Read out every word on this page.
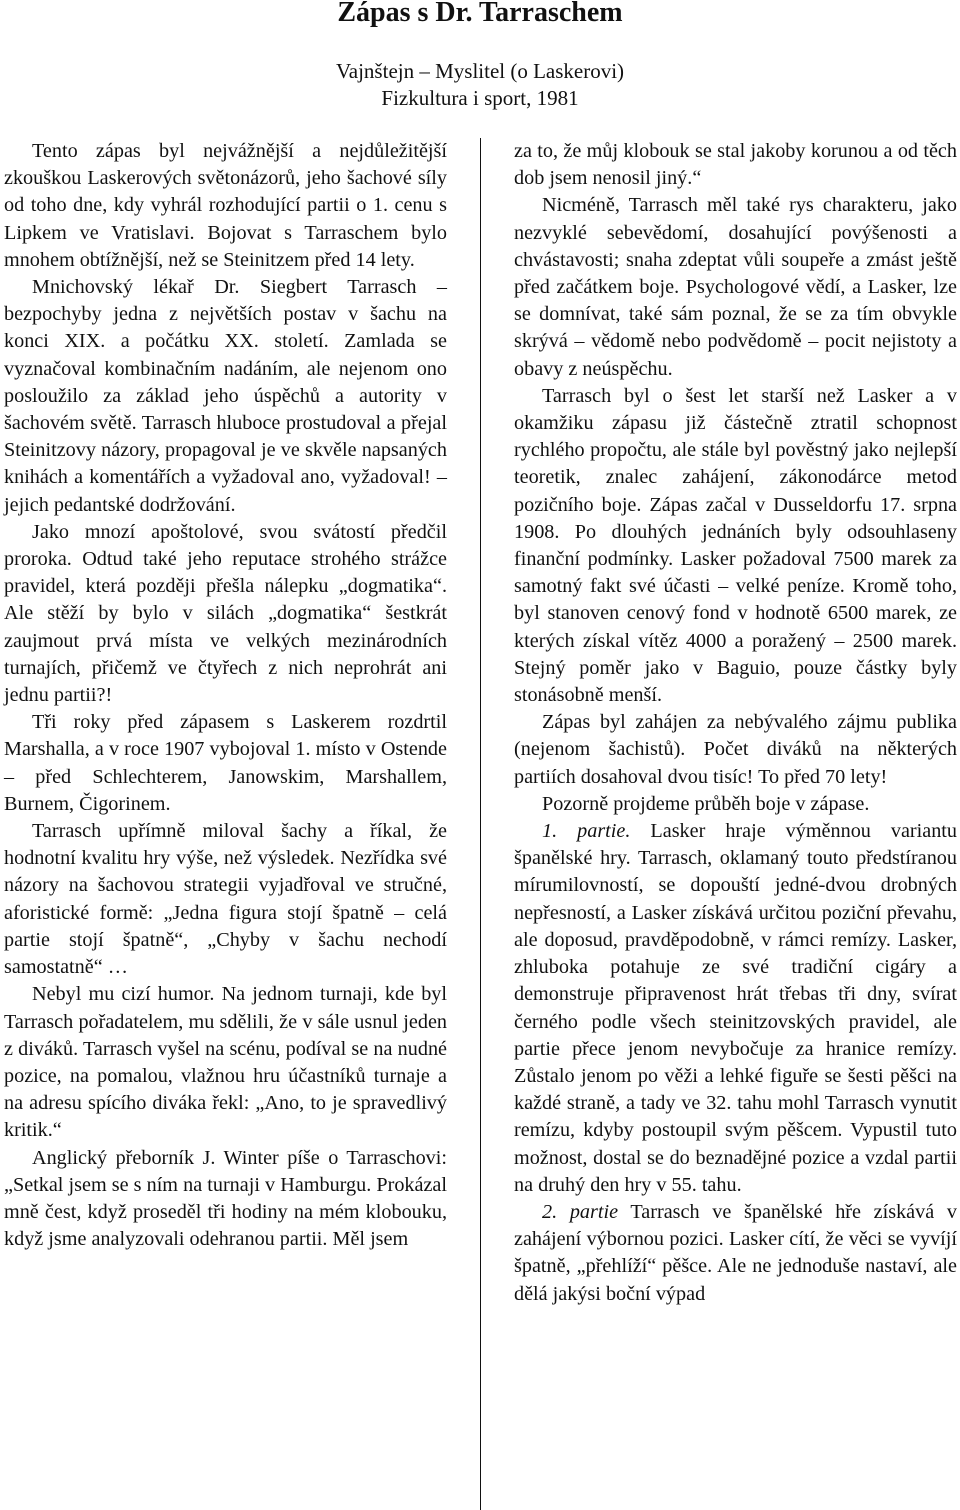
Zápas s Dr. Tarraschem
Vajnštejn – Myslitel (o Laskerovi)
Fizkultura i sport, 1981

Tento zápas byl nejvážnější a nejdůležitější zkouškou Laskerových světonázorů, jeho šachové síly od toho dne, kdy vyhrál rozhodující partii o 1. cenu s Lipkem ve Vratislavi. Bojovat s Tarraschem bylo mnohem obtížnější, než se Steinitzem před 14 lety.

Mnichovský lékař Dr. Siegbert Tarrasch – bezpochyby jedna z největších postav v šachu na konci XIX. a počátku XX. století. Zamlada se vyznačoval kombinačním nadáním, ale nejenom ono posloužilo za základ jeho úspěchů a autority v šachovém světě. Tarrasch hluboce prostudoval a přejal Steinitzovy názory, propagoval je ve skvěle napsaných knihách a komentářích a vyžadoval ano, vyžadoval! – jejich pedantské dodržování.

Jako mnozí apoštolové, svou svátostí předčil proroka. Odtud také jeho reputace strohého strážce pravidel, která později přešla nálepku „dogmatika“. Ale stěží by bylo v silách „dogmatika“ šestkrát zaujmout prvá místa ve velkých mezinárodních turnajích, přičemž ve čtyřech z nich neprohrát ani jednu partii?!

Tři roky před zápasem s Laskerem rozdrtil Marshalla, a v roce 1907 vybojoval 1. místo v Ostende – před Schlechterem, Janowskim, Marshallem, Burnem, Čigorinem.

Tarrasch upřímně miloval šachy a říkal, že hodnotní kvalitu hry výše, než výsledek. Nezřídka své názory na šachovou strategii vyjadřoval ve stručné, aforistické formě: „Jedna figura stojí špatně – celá partie stojí špatně“, „Chyby v šachu nechodí samostatně“ …

Nebyl mu cizí humor. Na jednom turnaji, kde byl Tarrasch pořadatelem, mu sdělili, že v sále usnul jeden z diváků. Tarrasch vyšel na scénu, podíval se na nudné pozice, na pomalou, vlažnou hru účastníků turnaje a na adresu spícího diváka řekl: „Ano, to je spravedlivý kritik.“

Anglický přeborník J. Winter píše o Tarraschovi: „Setkal jsem se s ním na turnaji v Hamburgu. Prokázal mně čest, když proseděl tři hodiny na mém klobouku, když jsme analyzovali odehranou partii. Měl jsem

za to, že můj klobouk se stal jakoby korunou a od těch dob jsem nenosil jiný.“

Nicméně, Tarrasch měl také rys charakteru, jako nezvyklé sebevědomí, dosahující povýšenosti a chvástavosti; snaha zdeptat vůli soupeře a zmást ještě před začátkem boje. Psychologové vědí, a Lasker, lze se domnívat, také sám poznal, že se za tím obvykle skrývá – vědomě nebo podvědomě – pocit nejistoty a obavy z neúspěchu.

Tarrasch byl o šest let starší než Lasker a v okamžiku zápasu již částečně ztratil schopnost rychlého propočtu, ale stále byl pověstný jako nejlepší teoretik, znalec zahájení, zákonodárce metod pozičního boje. Zápas začal v Dusseldorfu 17. srpna 1908. Po dlouhých jednáních byly odsouhlaseny finanční podmínky. Lasker požadoval 7500 marek za samotný fakt své účasti – velké peníze. Kromě toho, byl stanoven cenový fond v hodnotě 6500 marek, ze kterých získal vítěz 4000 a poražený – 2500 marek. Stejný poměr jako v Baguio, pouze částky byly stonásobně menší.

Zápas byl zahájen za nebývalého zájmu publika (nejenom šachistů). Počet diváků na některých partiích dosahoval dvou tisíc! To před 70 lety!

Pozorně projdeme průběh boje v zápase.

1. partie. Lasker hraje výměnnou variantu španělské hry. Tarrasch, oklamaný touto předstíranou mírumilovností, se dopouští jedné-dvou drobných nepřesností, a Lasker získává určitou poziční převahu, ale doposud, pravděpodobně, v rámci remízy. Lasker, zhluboka potahuje ze své tradiční cigáry a demonstruje připravenost hrát třebas tři dny, svírat černého podle všech steinitzovských pravidel, ale partie přece jenom nevybočuje za hranice remízy. Zůstalo jenom po věži a lehké figuře se šesti pěšci na každé straně, a tady ve 32. tahu mohl Tarrasch vynutit remízu, kdyby postoupil svým pěšcem. Vypustil tuto možnost, dostal se do beznadějné pozice a vzdal partii na druhý den hry v 55. tahu.

2. partie Tarrasch ve španělské hře získává v zahájení výbornou pozici. Lasker cítí, že věci se vyvíjí špatně, „přehlíží“ pěšce. Ale ne jednoduše nastaví, ale dělá jakýsi boční výpad
